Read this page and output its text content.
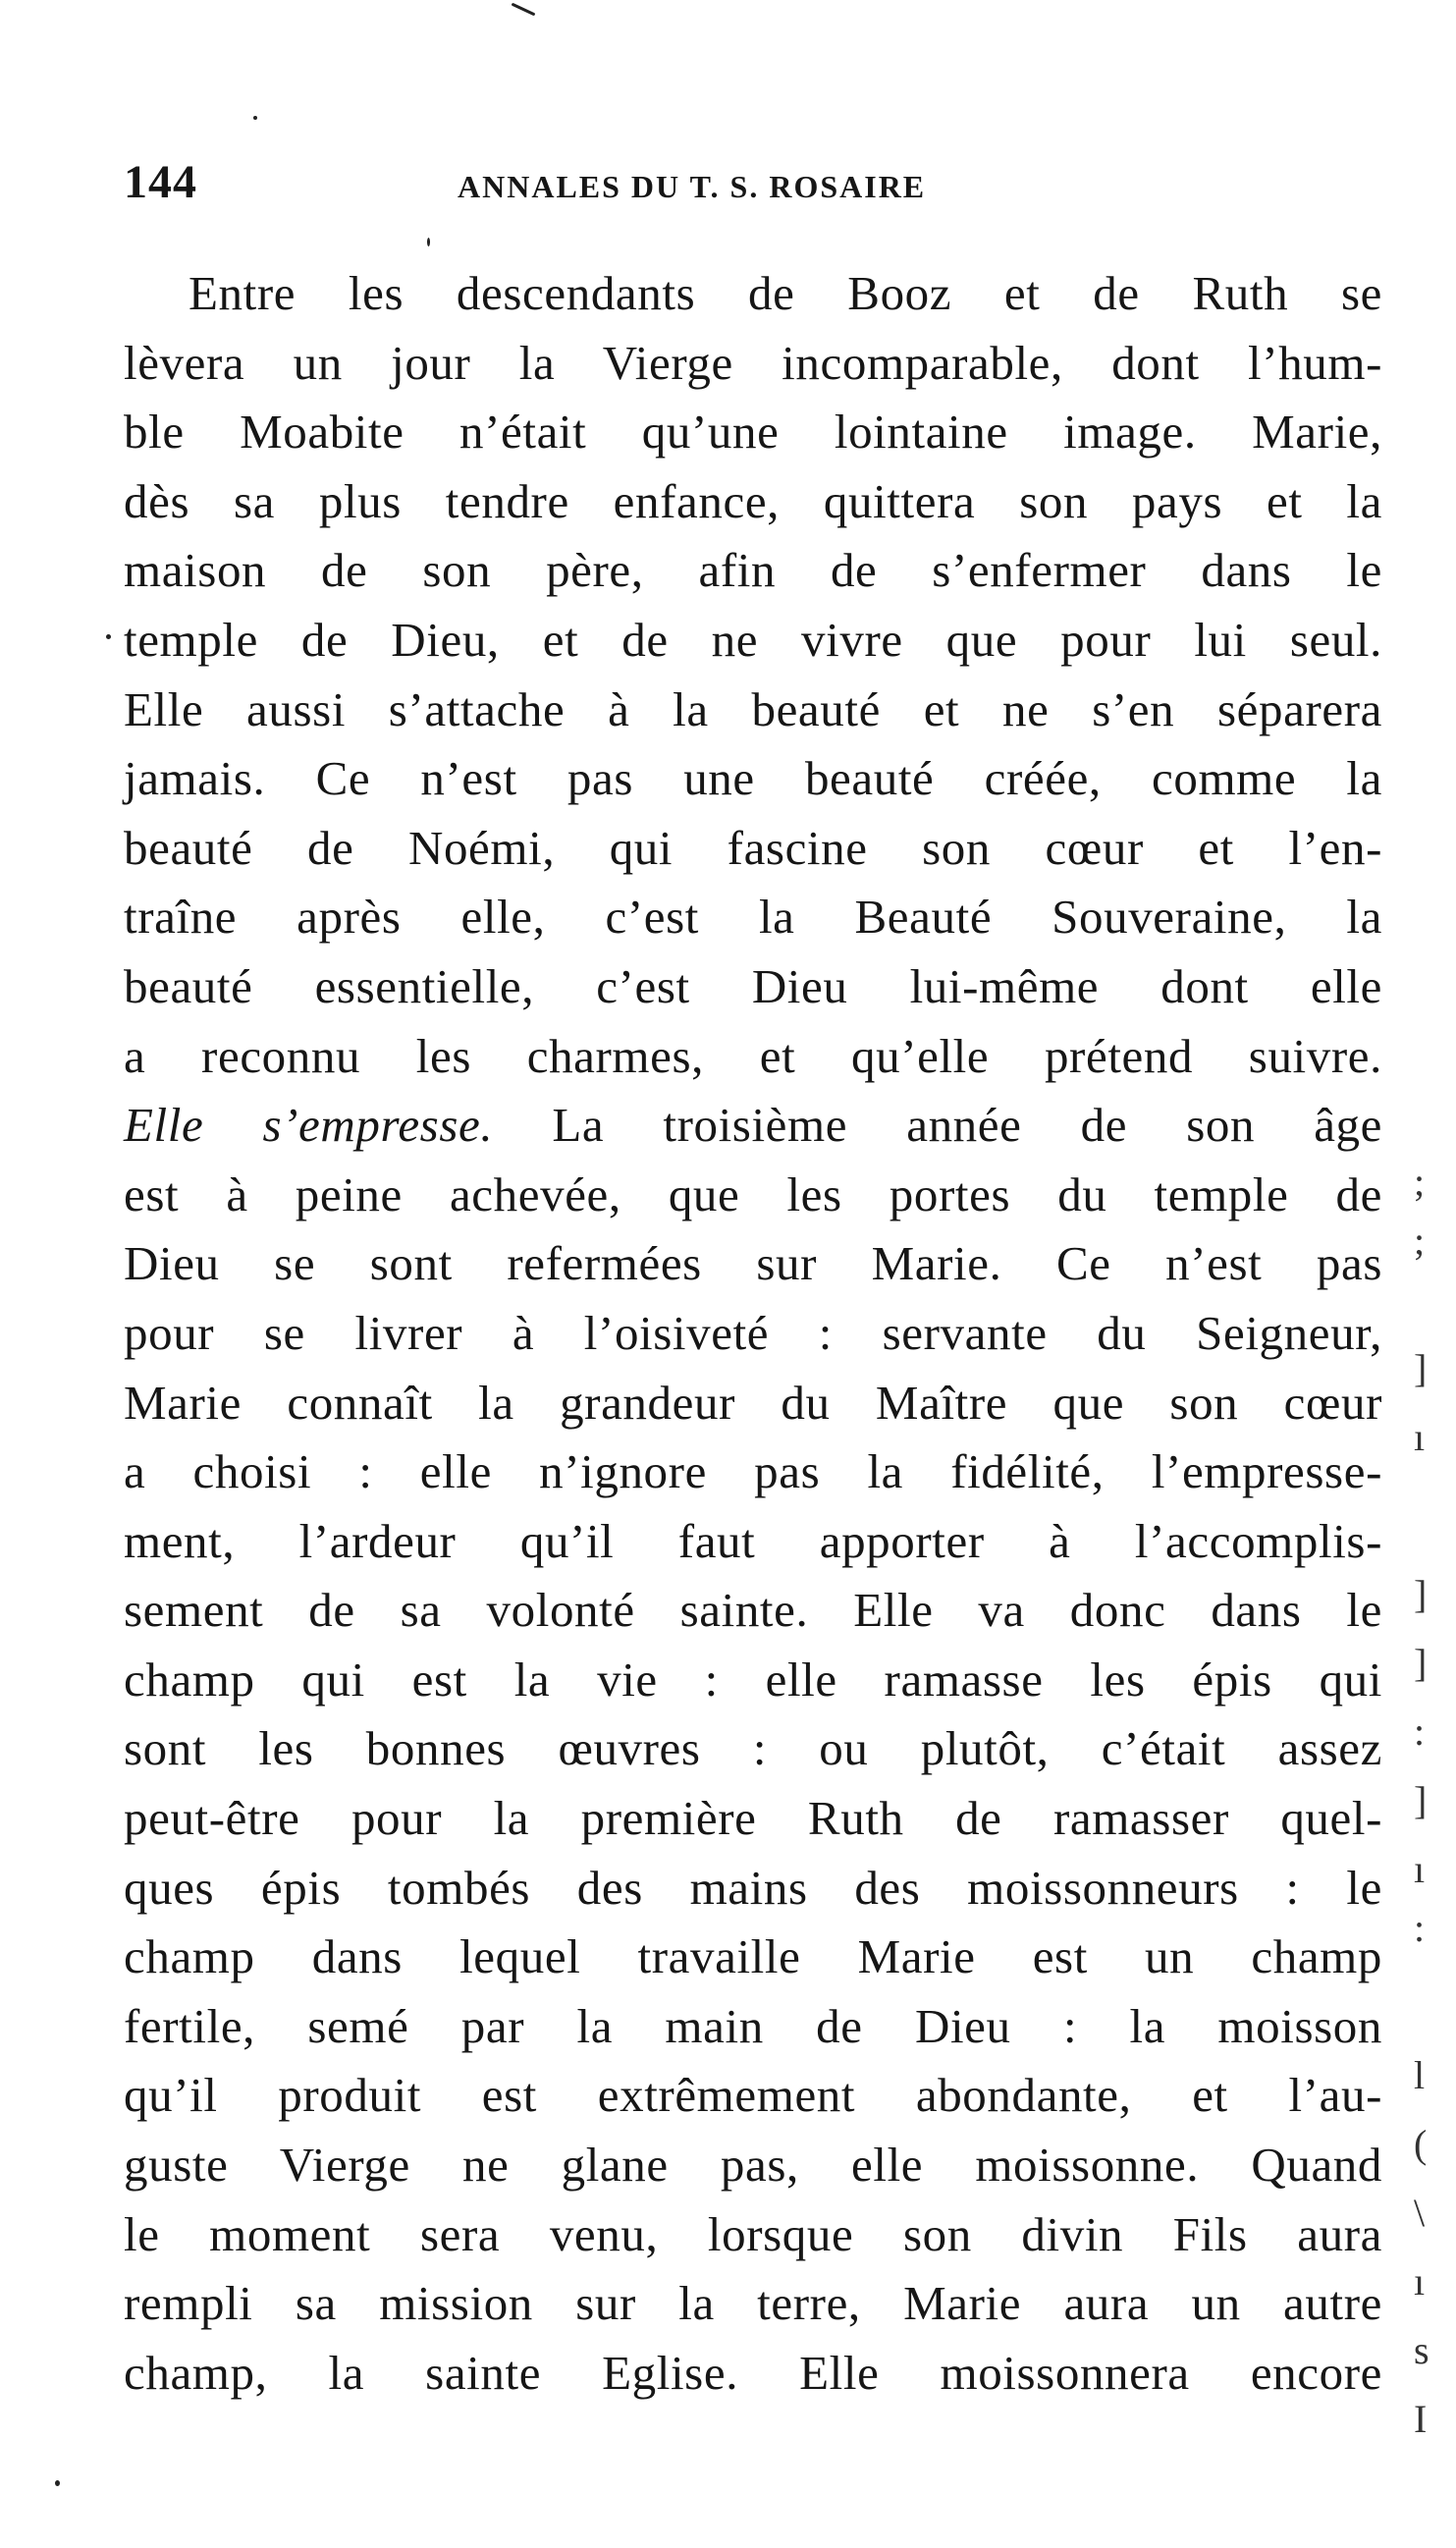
144	ANNALES DU T. S. ROSAIRE
Entre les descendants de Booz et de Ruth se
lèvera un jour la Vierge incomparable, dont l’hum-
ble Moabite n’était qu’une lointaine image. Marie,
dès sa plus tendre enfance, quittera son pays et la
maison de son père, afin de s’enfermer dans le
temple de Dieu, et de ne vivre que pour lui seul.
Elle aussi s’attache à la beauté et ne s’en séparera
jamais. Ce n’est pas une beauté créée, comme la
beauté de Noémi, qui fascine son cœur et l’en-
traîne après elle, c’est la Beauté Souveraine, la
beauté essentielle, c’est Dieu lui-même dont elle
a reconnu les charmes, et qu’elle prétend suivre.
Elle s’empresse. La troisième année de son âge
est à peine achevée, que les portes du temple de
Dieu se sont refermées sur Marie. Ce n’est pas
pour se livrer à l’oisiveté : servante du Seigneur,
Marie connaît la grandeur du Maître que son cœur
a choisi : elle n’ignore pas la fidélité, l’empresse-
ment, l’ardeur qu’il faut apporter à l’accomplis-
sement de sa volonté sainte. Elle va donc dans le
champ qui est la vie : elle ramasse les épis qui
sont les bonnes œuvres : ou plutôt, c’était assez
peut-être pour la première Ruth de ramasser quel-
ques épis tombés des mains des moissonneurs : le
champ dans lequel travaille Marie est un champ
fertile, semé par la main de Dieu : la moisson
qu’il produit est extrêmement abondante, et l’au-
guste Vierge ne glane pas, elle moissonne. Quand
le moment sera venu, lorsque son divin Fils aura
rempli sa mission sur la terre, Marie aura un autre
champ, la sainte Eglise. Elle moissonnera encore
;
;
]
ı
]
]
:
]
ı
:
l
(
\
ı
s
I
